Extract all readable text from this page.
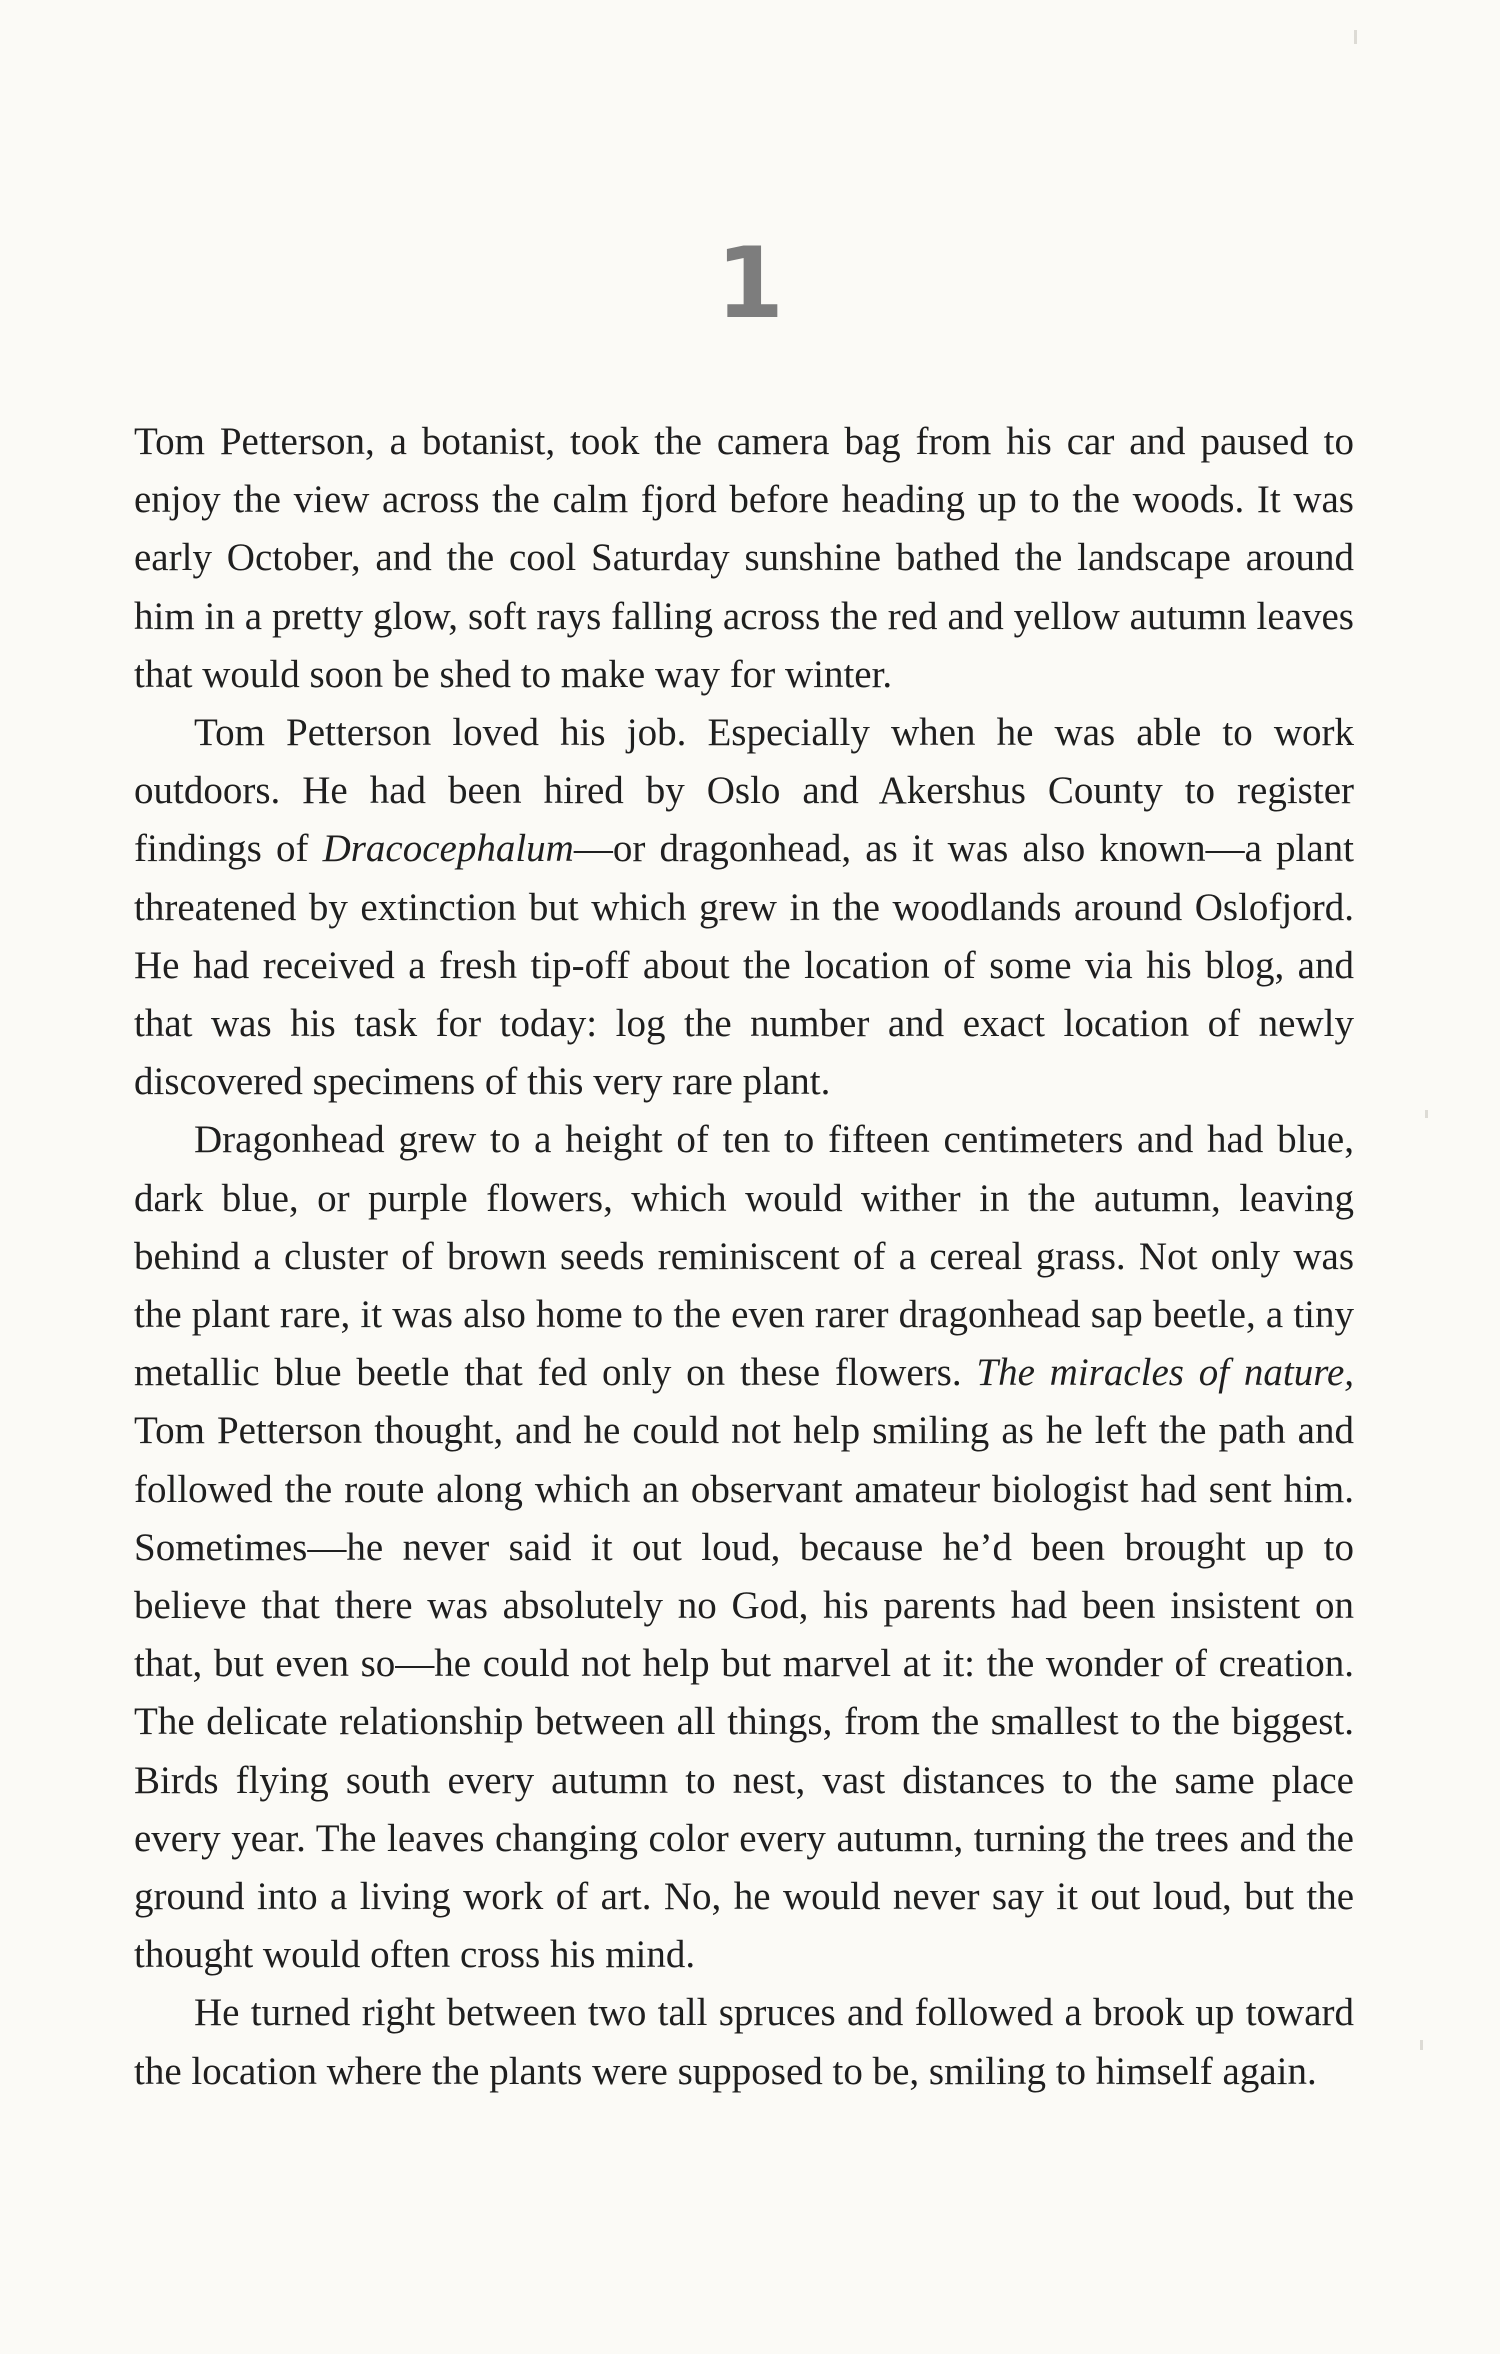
1

Tom Petterson, a botanist, took the camera bag from his car and paused to enjoy the view across the calm fjord before heading up to the woods. It was early October, and the cool Saturday sunshine bathed the landscape around him in a pretty glow, soft rays falling across the red and yellow autumn leaves that would soon be shed to make way for winter.

Tom Petterson loved his job. Especially when he was able to work outdoors. He had been hired by Oslo and Akershus County to register findings of Dracocephalum—or dragonhead, as it was also known—a plant threatened by extinction but which grew in the woodlands around Oslofjord. He had received a fresh tip-off about the location of some via his blog, and that was his task for today: log the number and exact location of newly discovered specimens of this very rare plant.

Dragonhead grew to a height of ten to fifteen centimeters and had blue, dark blue, or purple flowers, which would wither in the autumn, leaving behind a cluster of brown seeds reminiscent of a cereal grass. Not only was the plant rare, it was also home to the even rarer dragonhead sap beetle, a tiny metallic blue beetle that fed only on these flowers. The miracles of nature, Tom Petterson thought, and he could not help smiling as he left the path and followed the route along which an observant amateur biologist had sent him. Sometimes—he never said it out loud, because he’d been brought up to believe that there was absolutely no God, his parents had been insistent on that, but even so—he could not help but marvel at it: the wonder of creation. The delicate relationship between all things, from the smallest to the biggest. Birds flying south every autumn to nest, vast distances to the same place every year. The leaves changing color every autumn, turning the trees and the ground into a living work of art. No, he would never say it out loud, but the thought would often cross his mind.

He turned right between two tall spruces and followed a brook up toward the location where the plants were supposed to be, smiling to himself again.
